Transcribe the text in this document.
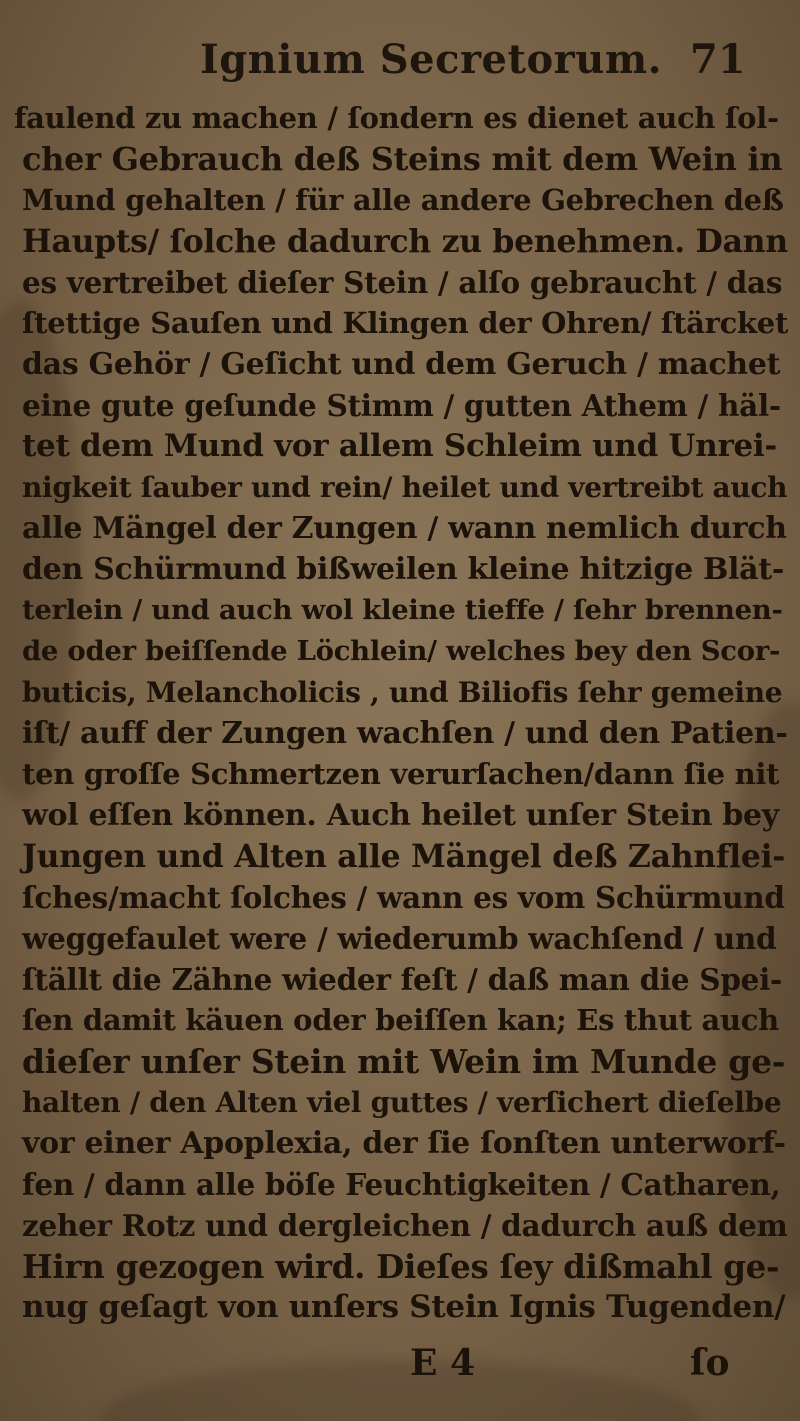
Ignium Secretorum. 71
faulend zu machen / ſondern es dienet auch ſol-
cher Gebrauch deß Steins mit dem Wein in
Mund gehalten / für alle andere Gebrechen deß
Haupts/ ſolche dadurch zu benehmen. Dann
es vertreibet dieſer Stein / alſo gebraucht / das
ſtettige Sauſen und Klingen der Ohren/ ſtärcket
das Gehör / Geſicht und dem Geruch / machet
eine gute geſunde Stimm / gutten Athem / häl-
tet dem Mund vor allem Schleim und Unrei-
nigkeit ſauber und rein/ heilet und vertreibt auch
alle Mängel der Zungen / wann nemlich durch
den Schürmund bißweilen kleine hitzige Blät-
terlein / und auch wol kleine tieffe / ſehr brennen-
de oder beiſſende Löchlein/ welches bey den Scor-
buticis, Melancholicis , und Biliofis ſehr gemeine
iſt/ auff der Zungen wachſen / und den Patien-
ten groſſe Schmertzen verurſachen/dann ſie nit
wol eſſen können. Auch heilet unſer Stein bey
Jungen und Alten alle Mängel deß Zahnflei-
ſches/macht ſolches / wann es vom Schürmund
weggefaulet were / wiederumb wachſend / und
ſtällt die Zähne wieder feſt / daß man die Spei-
ſen damit käuen oder beiſſen kan; Es thut auch
dieſer unſer Stein mit Wein im Munde ge-
halten / den Alten viel guttes / verſichert dieſelbe
vor einer Apoplexia, der ſie ſonſten unterworf-
fen / dann alle böſe Feuchtigkeiten / Catharen,
zeher Rotz und dergleichen / dadurch auß dem
Hirn gezogen wird. Dieſes ſey dißmahl ge-
nug geſagt von unſers Stein Ignis Tugenden/
E 4	ſo
